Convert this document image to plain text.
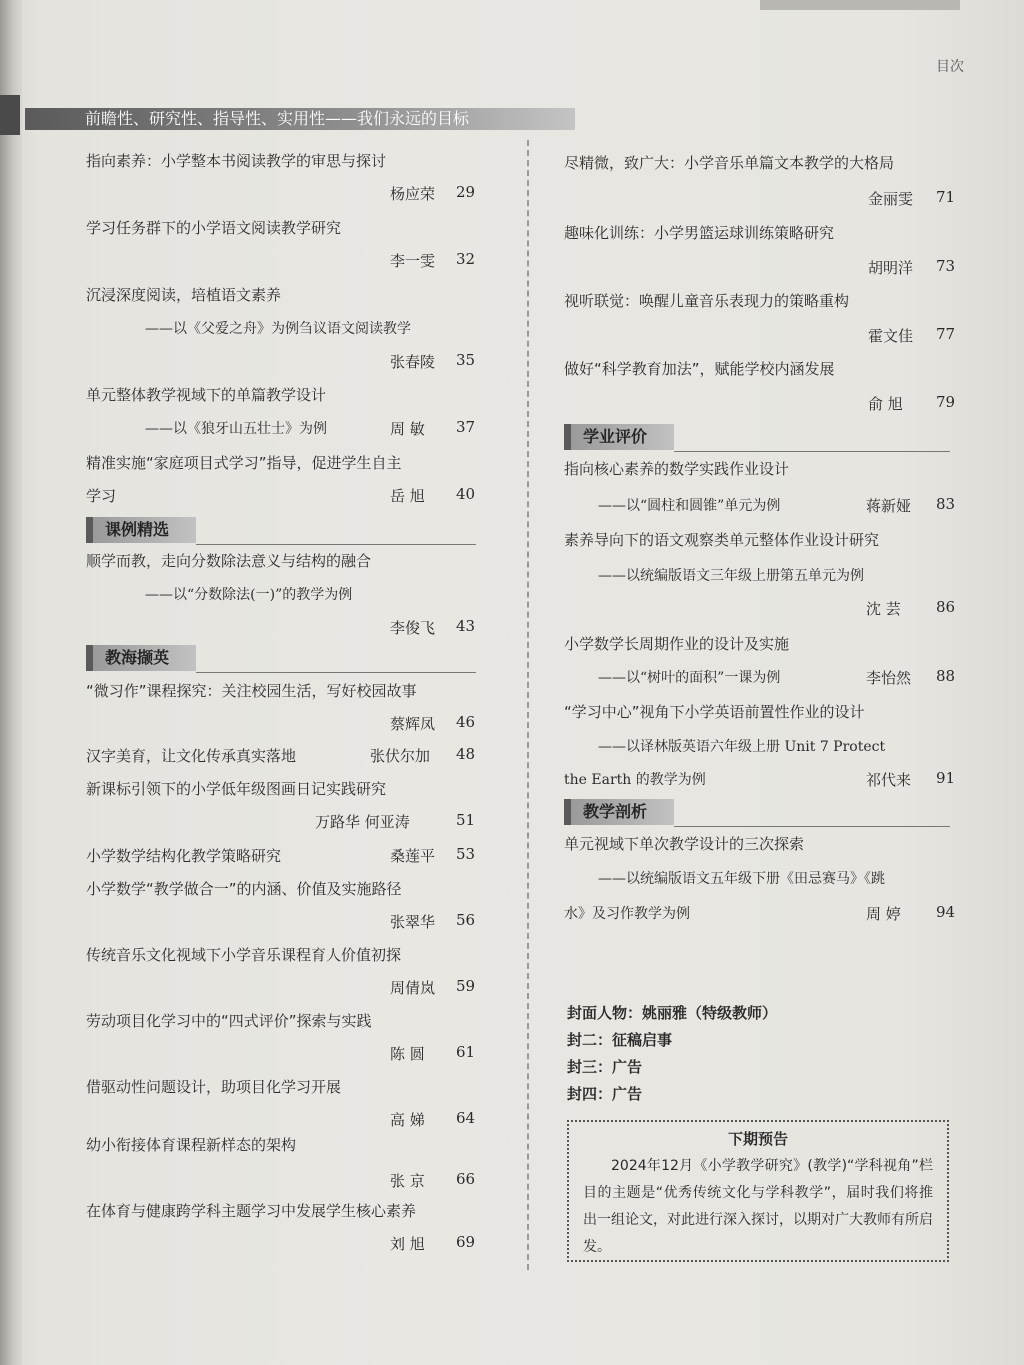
目次
前瞻性、研究性、指导性、实用性——我们永远的目标
指向素养：小学整本书阅读教学的审思与探讨
杨应荣 29
学习任务群下的小学语文阅读教学研究
李一雯 32
沉浸深度阅读，培植语文素养
——以《父爱之舟》为例刍议语文阅读教学
张春陵 35
单元整体教学视域下的单篇教学设计
——以《狼牙山五壮士》为例	周 敏 37
精准实施“家庭项目式学习”指导，促进学生自主
学习	岳 旭 40
课例精选
顺学而教，走向分数除法意义与结构的融合
——以“分数除法(一)”的教学为例
李俊飞 43
教海撷英
“微习作”课程探究：关注校园生活，写好校园故事
蔡辉凤 46
汉字美育，让文化传承真实落地	张伏尔加 48
新课标引领下的小学低年级图画日记实践研究
万路华 何亚涛	51
小学数学结构化教学策略研究	桑莲平 53
小学数学“教学做合一”的内涵、价值及实施路径
张翠华 56
传统音乐文化视域下小学音乐课程育人价值初探
周倩岚 59
劳动项目化学习中的“四式评价”探索与实践
陈 圆 61
借驱动性问题设计，助项目化学习开展
高 娣 64
幼小衔接体育课程新样态的架构
张 京 66
在体育与健康跨学科主题学习中发展学生核心素养
刘 旭 69
尽精微，致广大：小学音乐单篇文本教学的大格局
金丽雯 71
趣味化训练：小学男篮运球训练策略研究
胡明洋 73
视听联觉：唤醒儿童音乐表现力的策略重构
霍文佳 77
做好“科学教育加法”，赋能学校内涵发展
俞 旭 79
学业评价
指向核心素养的数学实践作业设计
——以“圆柱和圆锥”单元为例	蒋新娅 83
素养导向下的语文观察类单元整体作业设计研究
——以统编版语文三年级上册第五单元为例
沈 芸 86
小学数学长周期作业的设计及实施
——以“树叶的面积”一课为例	李怡然 88
“学习中心”视角下小学英语前置性作业的设计
——以译林版英语六年级上册 Unit 7 Protect
the Earth 的教学为例	祁代来 91
教学剖析
单元视域下单次教学设计的三次探索
——以统编版语文五年级下册《田忌赛马》《跳
水》及习作教学为例	周 婷 94
封面人物：姚丽雅（特级教师）
封二：征稿启事
封三：广告
封四：广告
下期预告

2024年12月《小学教学研究》(教学)“学科视角”栏目的主题是“优秀传统文化与学科教学”，届时我们将推出一组论文，对此进行深入探讨，以期对广大教师有所启发。
